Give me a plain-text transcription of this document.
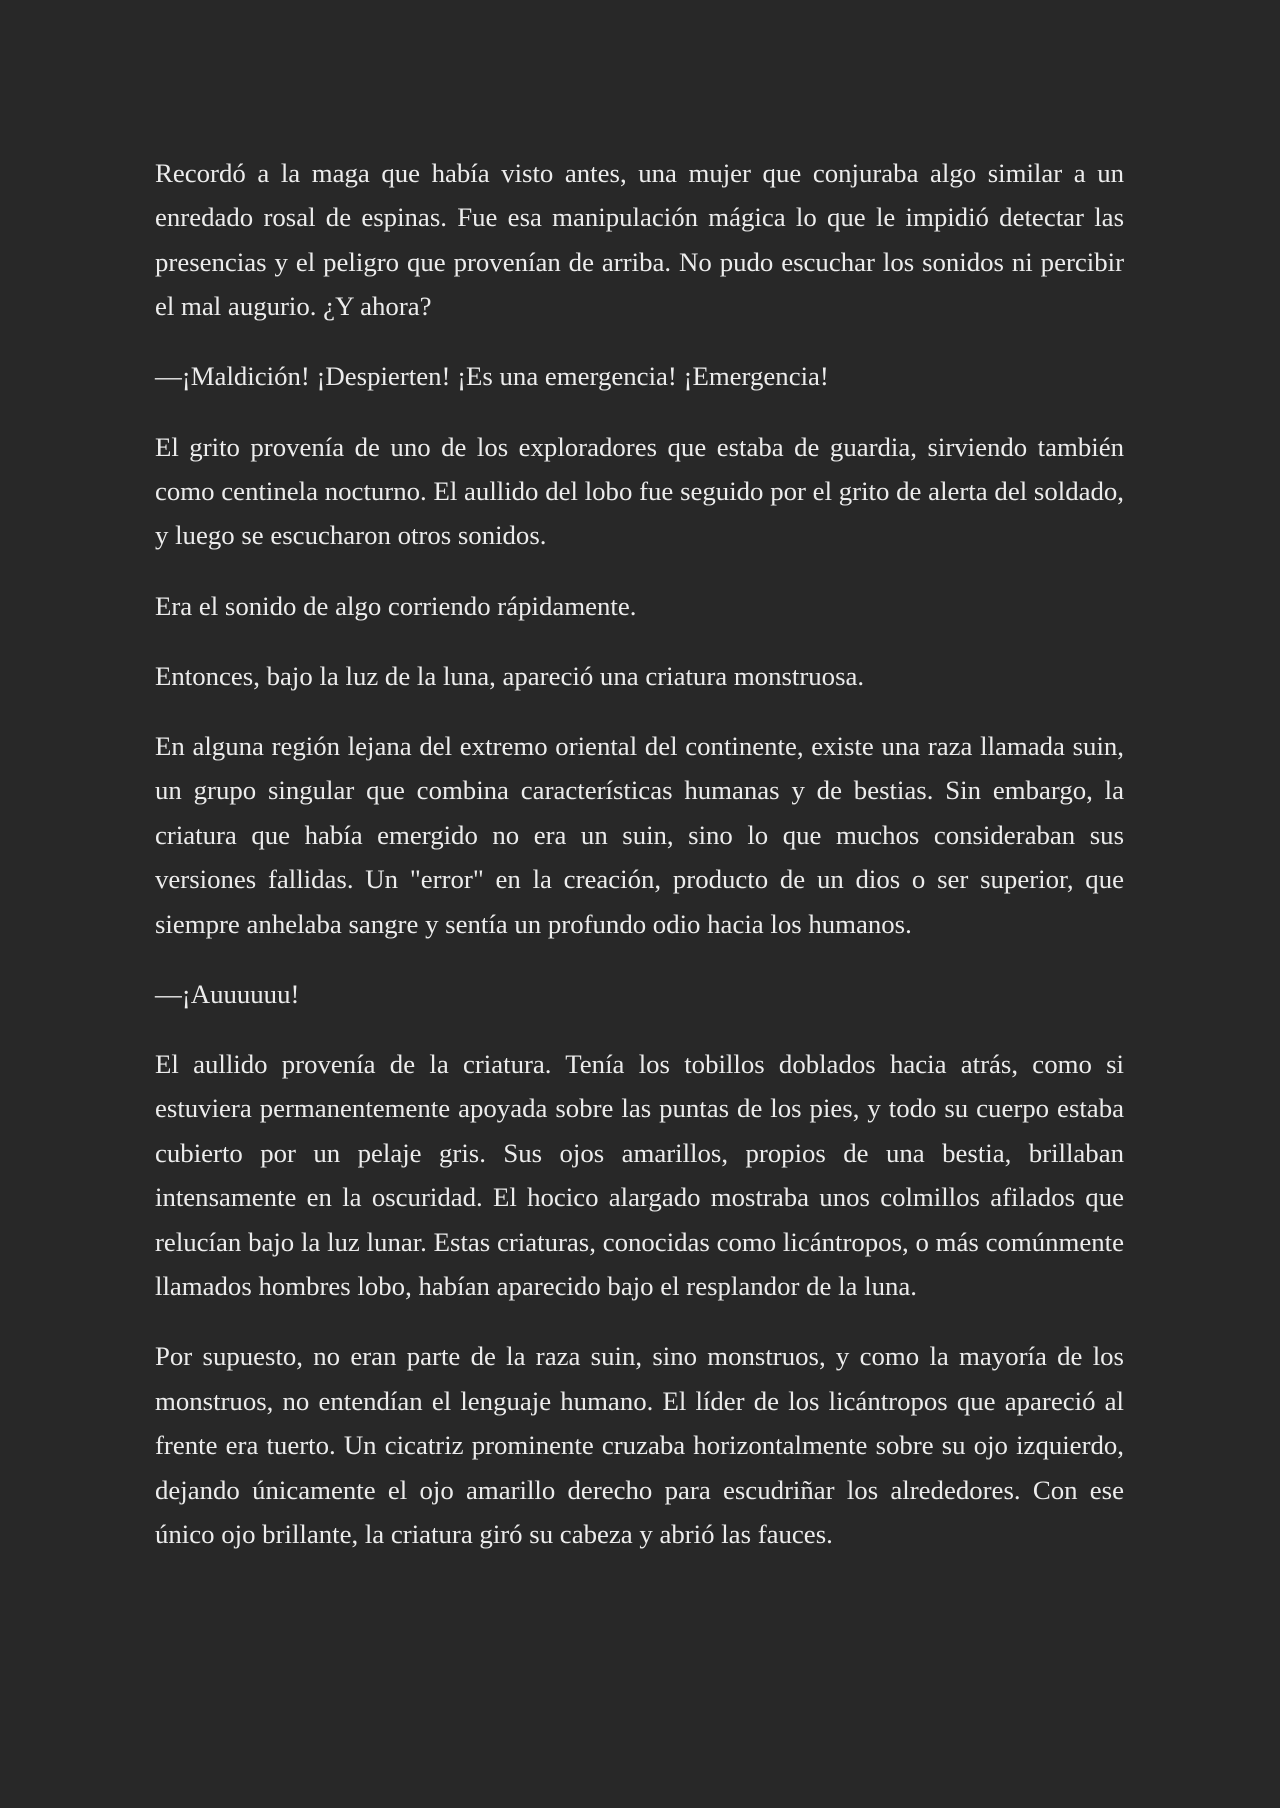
Recordó a la maga que había visto antes, una mujer que conjuraba algo similar a un enredado rosal de espinas. Fue esa manipulación mágica lo que le impidió detectar las presencias y el peligro que provenían de arriba. No pudo escuchar los sonidos ni percibir el mal augurio. ¿Y ahora?

—¡Maldición! ¡Despierten! ¡Es una emergencia! ¡Emergencia!

El grito provenía de uno de los exploradores que estaba de guardia, sirviendo también como centinela nocturno. El aullido del lobo fue seguido por el grito de alerta del soldado, y luego se escucharon otros sonidos.

Era el sonido de algo corriendo rápidamente.

Entonces, bajo la luz de la luna, apareció una criatura monstruosa.

En alguna región lejana del extremo oriental del continente, existe una raza llamada suin, un grupo singular que combina características humanas y de bestias. Sin embargo, la criatura que había emergido no era un suin, sino lo que muchos consideraban sus versiones fallidas. Un "error" en la creación, producto de un dios o ser superior, que siempre anhelaba sangre y sentía un profundo odio hacia los humanos.

—¡Auuuuuu!

El aullido provenía de la criatura. Tenía los tobillos doblados hacia atrás, como si estuviera permanentemente apoyada sobre las puntas de los pies, y todo su cuerpo estaba cubierto por un pelaje gris. Sus ojos amarillos, propios de una bestia, brillaban intensamente en la oscuridad. El hocico alargado mostraba unos colmillos afilados que relucían bajo la luz lunar. Estas criaturas, conocidas como licántropos, o más comúnmente llamados hombres lobo, habían aparecido bajo el resplandor de la luna.

Por supuesto, no eran parte de la raza suin, sino monstruos, y como la mayoría de los monstruos, no entendían el lenguaje humano. El líder de los licántropos que apareció al frente era tuerto. Un cicatriz prominente cruzaba horizontalmente sobre su ojo izquierdo, dejando únicamente el ojo amarillo derecho para escudriñar los alrededores. Con ese único ojo brillante, la criatura giró su cabeza y abrió las fauces.
